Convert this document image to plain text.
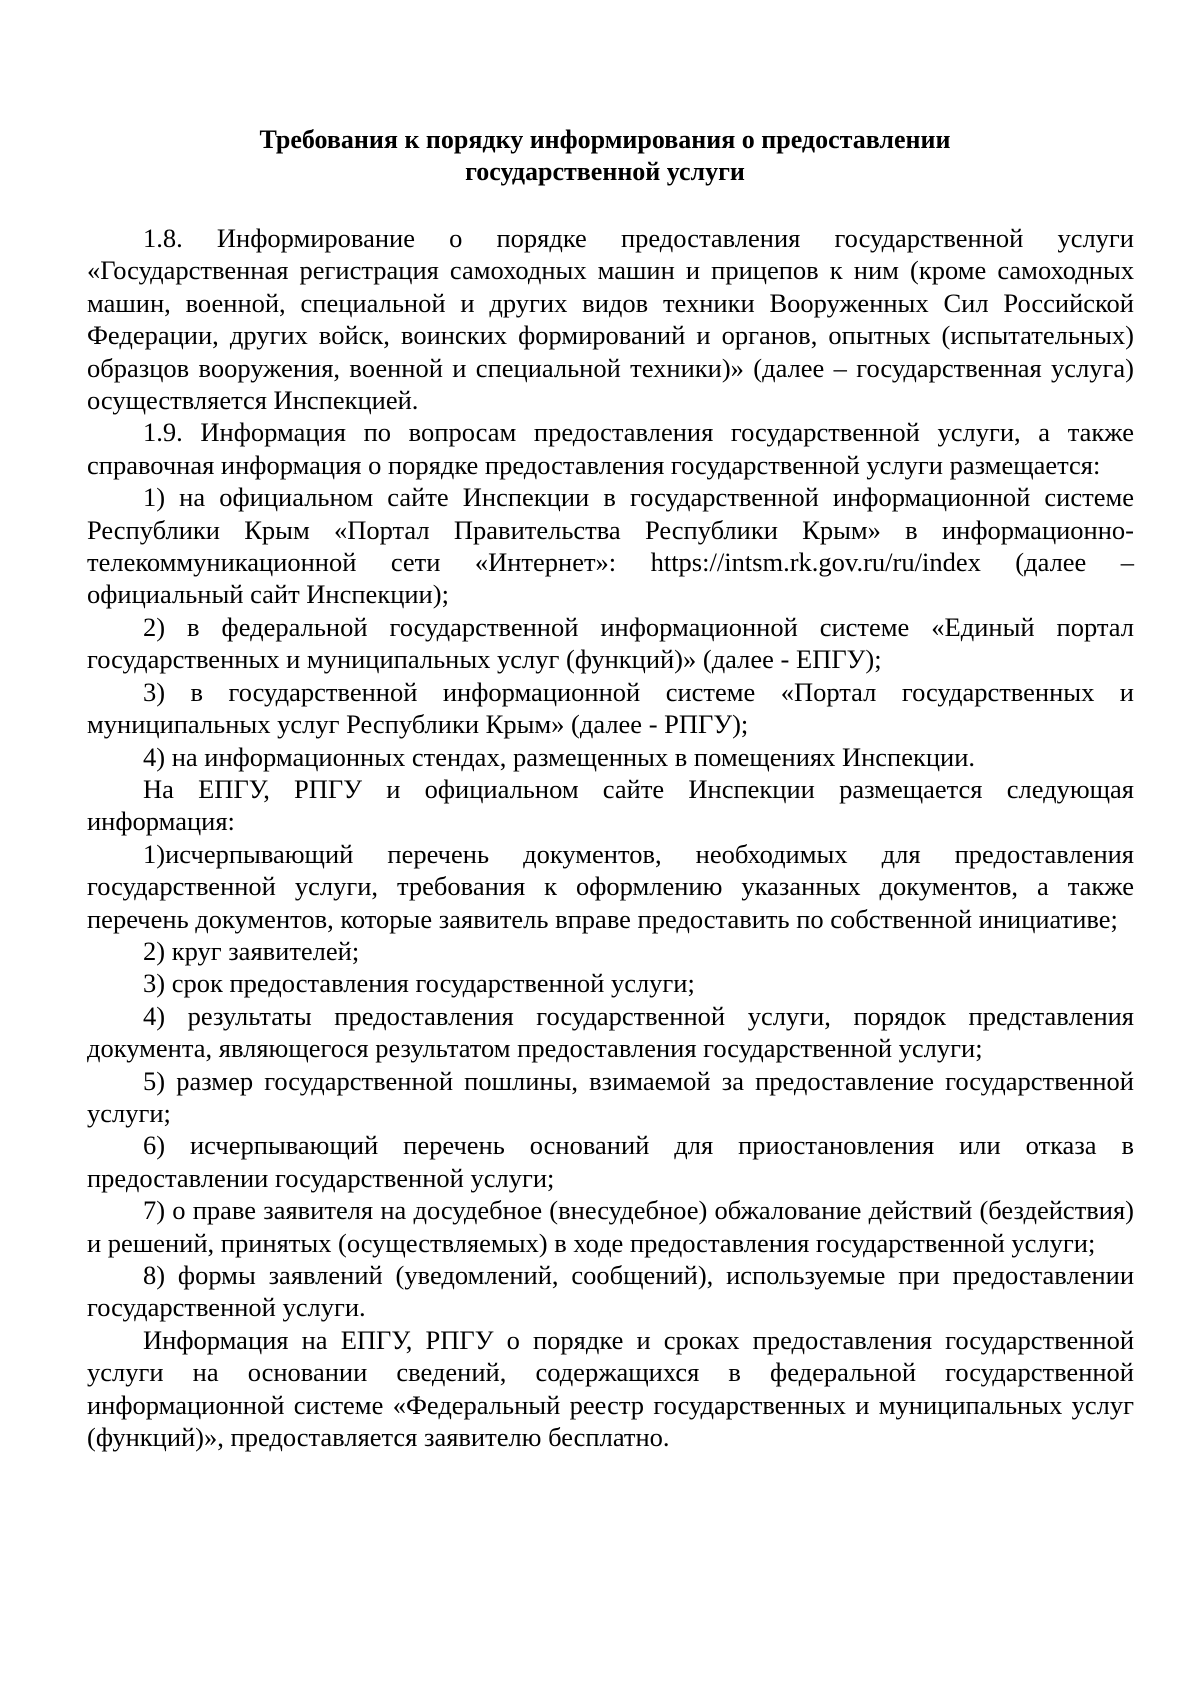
Требования к порядку информирования о предоставлении
государственной услуги

1.8. Информирование о порядке предоставления государственной услуги «Государственная регистрация самоходных машин и прицепов к ним (кроме самоходных машин, военной, специальной и других видов техники Вооруженных Сил Российской Федерации, других войск, воинских формирований и органов, опытных (испытательных) образцов вооружения, военной и специальной техники)» (далее – государственная услуга) осуществляется Инспекцией.

1.9. Информация по вопросам предоставления государственной услуги, а также справочная информация о порядке предоставления государственной услуги размещается:

1) на официальном сайте Инспекции в государственной информационной системе Республики Крым «Портал Правительства Республики Крым» в информационно-телекоммуникационной сети «Интернет»: https://intsm.rk.gov.ru/ru/index (далее – официальный сайт Инспекции);

2) в федеральной государственной информационной системе «Единый портал государственных и муниципальных услуг (функций)» (далее - ЕПГУ);

3) в государственной информационной системе «Портал государственных и муниципальных услуг Республики Крым» (далее - РПГУ);

4) на информационных стендах, размещенных в помещениях Инспекции.

На ЕПГУ, РПГУ и официальном сайте Инспекции размещается следующая информация:

1)исчерпывающий перечень документов, необходимых для предоставления государственной услуги, требования к оформлению указанных документов, а также перечень документов, которые заявитель вправе предоставить по собственной инициативе;

2) круг заявителей;

3) срок предоставления государственной услуги;

4) результаты предоставления государственной услуги, порядок представления документа, являющегося результатом предоставления государственной услуги;

5) размер государственной пошлины, взимаемой за предоставление государственной услуги;

6) исчерпывающий перечень оснований для приостановления или отказа в предоставлении государственной услуги;

7) о праве заявителя на досудебное (внесудебное) обжалование действий (бездействия) и решений, принятых (осуществляемых) в ходе предоставления государственной услуги;

8) формы заявлений (уведомлений, сообщений), используемые при предоставлении государственной услуги.

Информация на ЕПГУ, РПГУ о порядке и сроках предоставления государственной услуги на основании сведений, содержащихся в федеральной государственной информационной системе «Федеральный реестр государственных и муниципальных услуг (функций)», предоставляется заявителю бесплатно.
